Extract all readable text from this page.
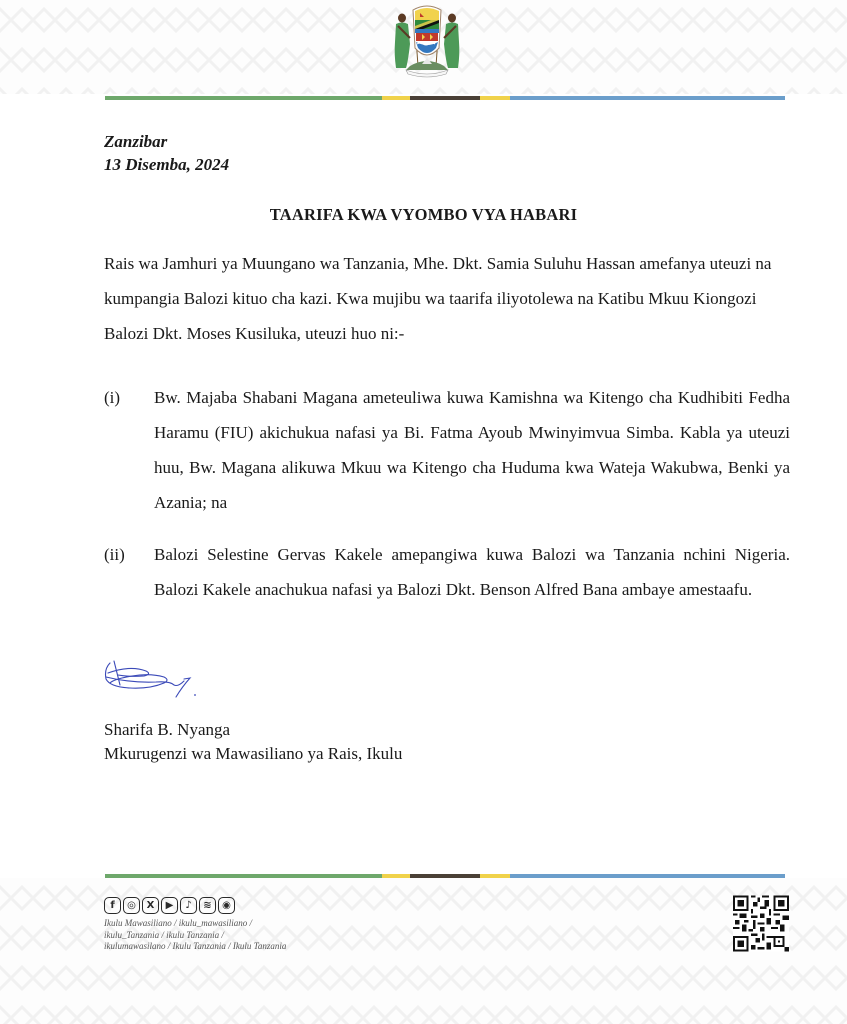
Zanzibar
13 Disemba, 2024
TAARIFA KWA VYOMBO VYA HABARI
Rais wa Jamhuri ya Muungano wa Tanzania, Mhe. Dkt. Samia Suluhu Hassan amefanya uteuzi na kumpangia Balozi kituo cha kazi. Kwa mujibu wa taarifa iliyotolewa na Katibu Mkuu Kiongozi Balozi Dkt. Moses Kusiluka, uteuzi huo ni:-
(i)	Bw. Majaba Shabani Magana ameteuliwa kuwa Kamishna wa Kitengo cha Kudhibiti Fedha Haramu (FIU) akichukua nafasi ya Bi. Fatma Ayoub Mwinyimvua Simba. Kabla ya uteuzi huu, Bw. Magana alikuwa Mkuu wa Kitengo cha Huduma kwa Wateja Wakubwa, Benki ya Azania; na
(ii)	Balozi Selestine Gervas Kakele amepangiwa kuwa Balozi wa Tanzania nchini Nigeria. Balozi Kakele anachukua nafasi ya Balozi Dkt. Benson Alfred Bana ambaye amestaafu.
Sharifa B. Nyanga
Mkurugenzi wa Mawasiliano ya Rais, Ikulu
f	◎	X	▶	♪	≋	◉
Ikulu Mawasiliano / ikulu_mawasiliano /
ikulu_Tanzania / ikulu Tanzania /
ikulumawasilano / Ikulu Tanzania / Ikulu Tanzania
